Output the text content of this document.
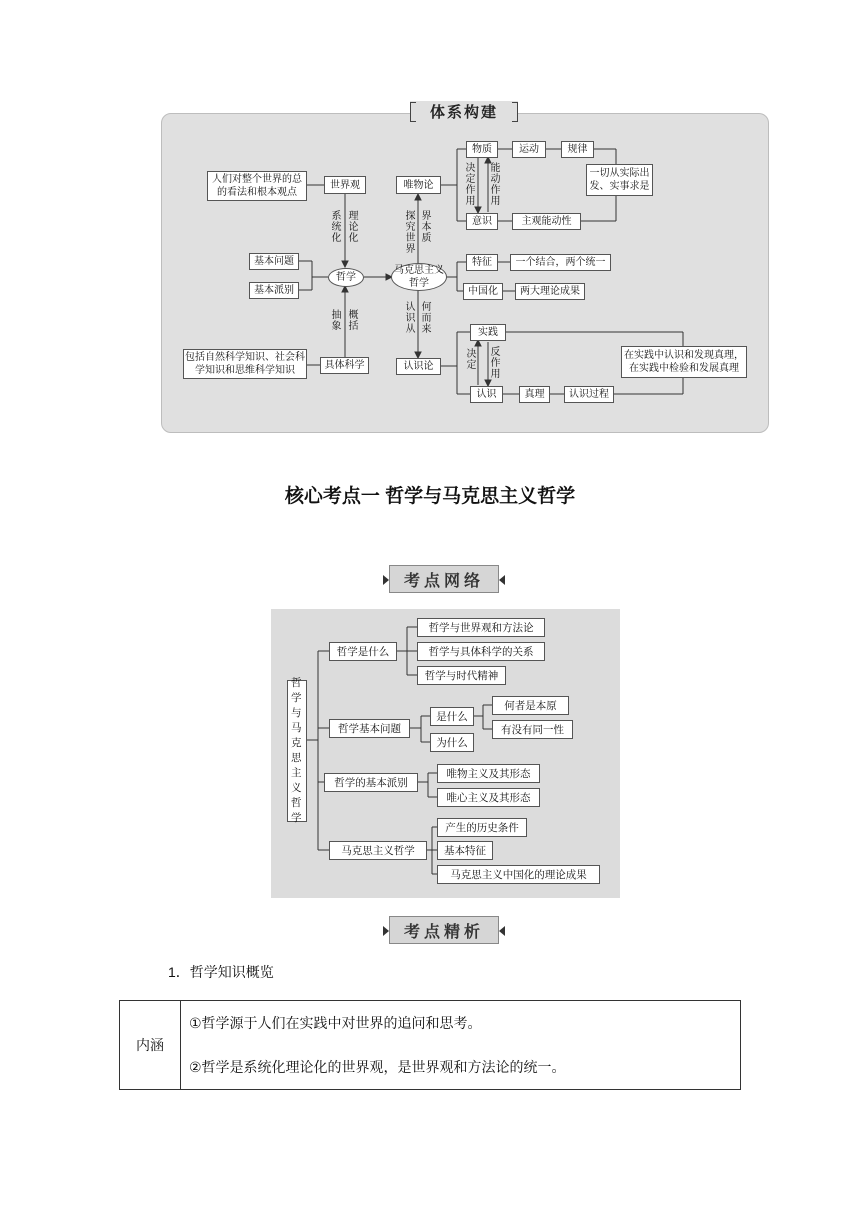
体系构建
人们对整个世界的总的看法和根本观点
世界观
基本问题
基本派别
哲学
包括自然科学知识、社会科学知识和思维科学知识	具体科学
马克思主义哲学
唯物论
认识论
物质	运动	规律
一切从实际出发、实事求是
意识	主观能动性
特征	一个结合，两个统一
中国化	两大理论成果
实践
认识	真理	认识过程
在实践中认识和发现真理，在实践中检验和发展真理
系统化
理论化
抽象
概括
探究世界
界本质
认识从
何而来
决定作用
能动作用
决定
反作用
核心考点一 哲学与马克思主义哲学
考点网络
哲学与马克思主义哲学
哲学是什么
哲学与世界观和方法论
哲学与具体科学的关系
哲学与时代精神
哲学基本问题
是什么
为什么
何者是本原
有没有同一性
哲学的基本派别
唯物主义及其形态
唯心主义及其形态
马克思主义哲学
产生的历史条件
基本特征
马克思主义中国化的理论成果
考点精析
1．哲学知识概览
内涵	①哲学源于人们在实践中对世界的追问和思考。
②哲学是系统化理论化的世界观，是世界观和方法论的统一。
